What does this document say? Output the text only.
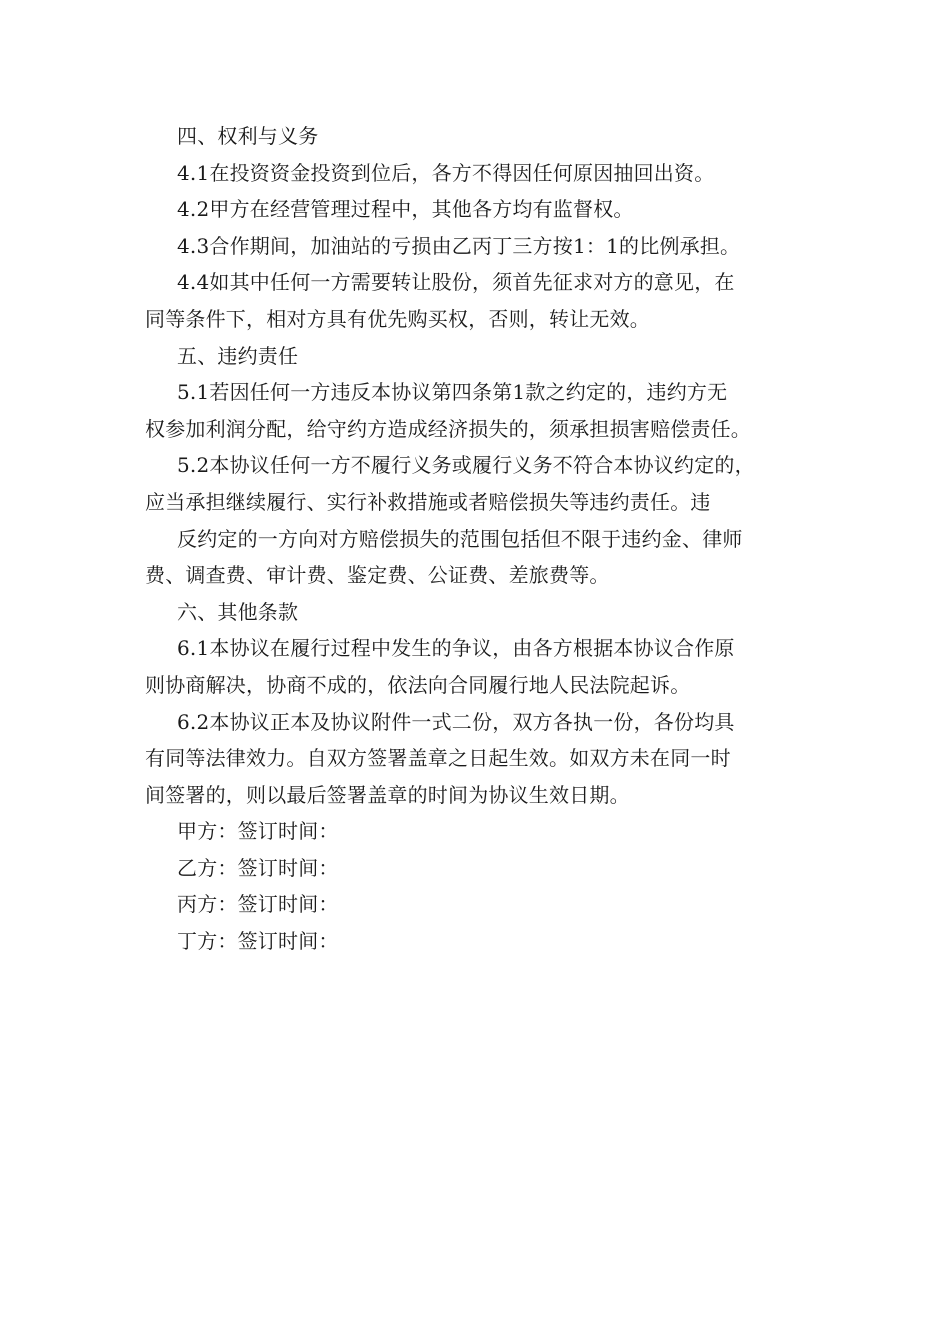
四、权利与义务
4.1在投资资金投资到位后，各方不得因任何原因抽回出资。
4.2甲方在经营管理过程中，其他各方均有监督权。
4.3合作期间，加油站的亏损由乙丙丁三方按1：1的比例承担。
4.4如其中任何一方需要转让股份，须首先征求对方的意见，在
同等条件下，相对方具有优先购买权，否则，转让无效。
五、违约责任
5.1若因任何一方违反本协议第四条第1款之约定的，违约方无
权参加利润分配，给守约方造成经济损失的，须承担损害赔偿责任。
5.2本协议任何一方不履行义务或履行义务不符合本协议约定的，
应当承担继续履行、实行补救措施或者赔偿损失等违约责任。违
反约定的一方向对方赔偿损失的范围包括但不限于违约金、律师
费、调查费、审计费、鉴定费、公证费、差旅费等。
六、其他条款
6.1本协议在履行过程中发生的争议，由各方根据本协议合作原
则协商解决，协商不成的，依法向合同履行地人民法院起诉。
6.2本协议正本及协议附件一式二份，双方各执一份，各份均具
有同等法律效力。自双方签署盖章之日起生效。如双方未在同一时
间签署的，则以最后签署盖章的时间为协议生效日期。
甲方：签订时间：
乙方：签订时间：
丙方：签订时间：
丁方：签订时间：
